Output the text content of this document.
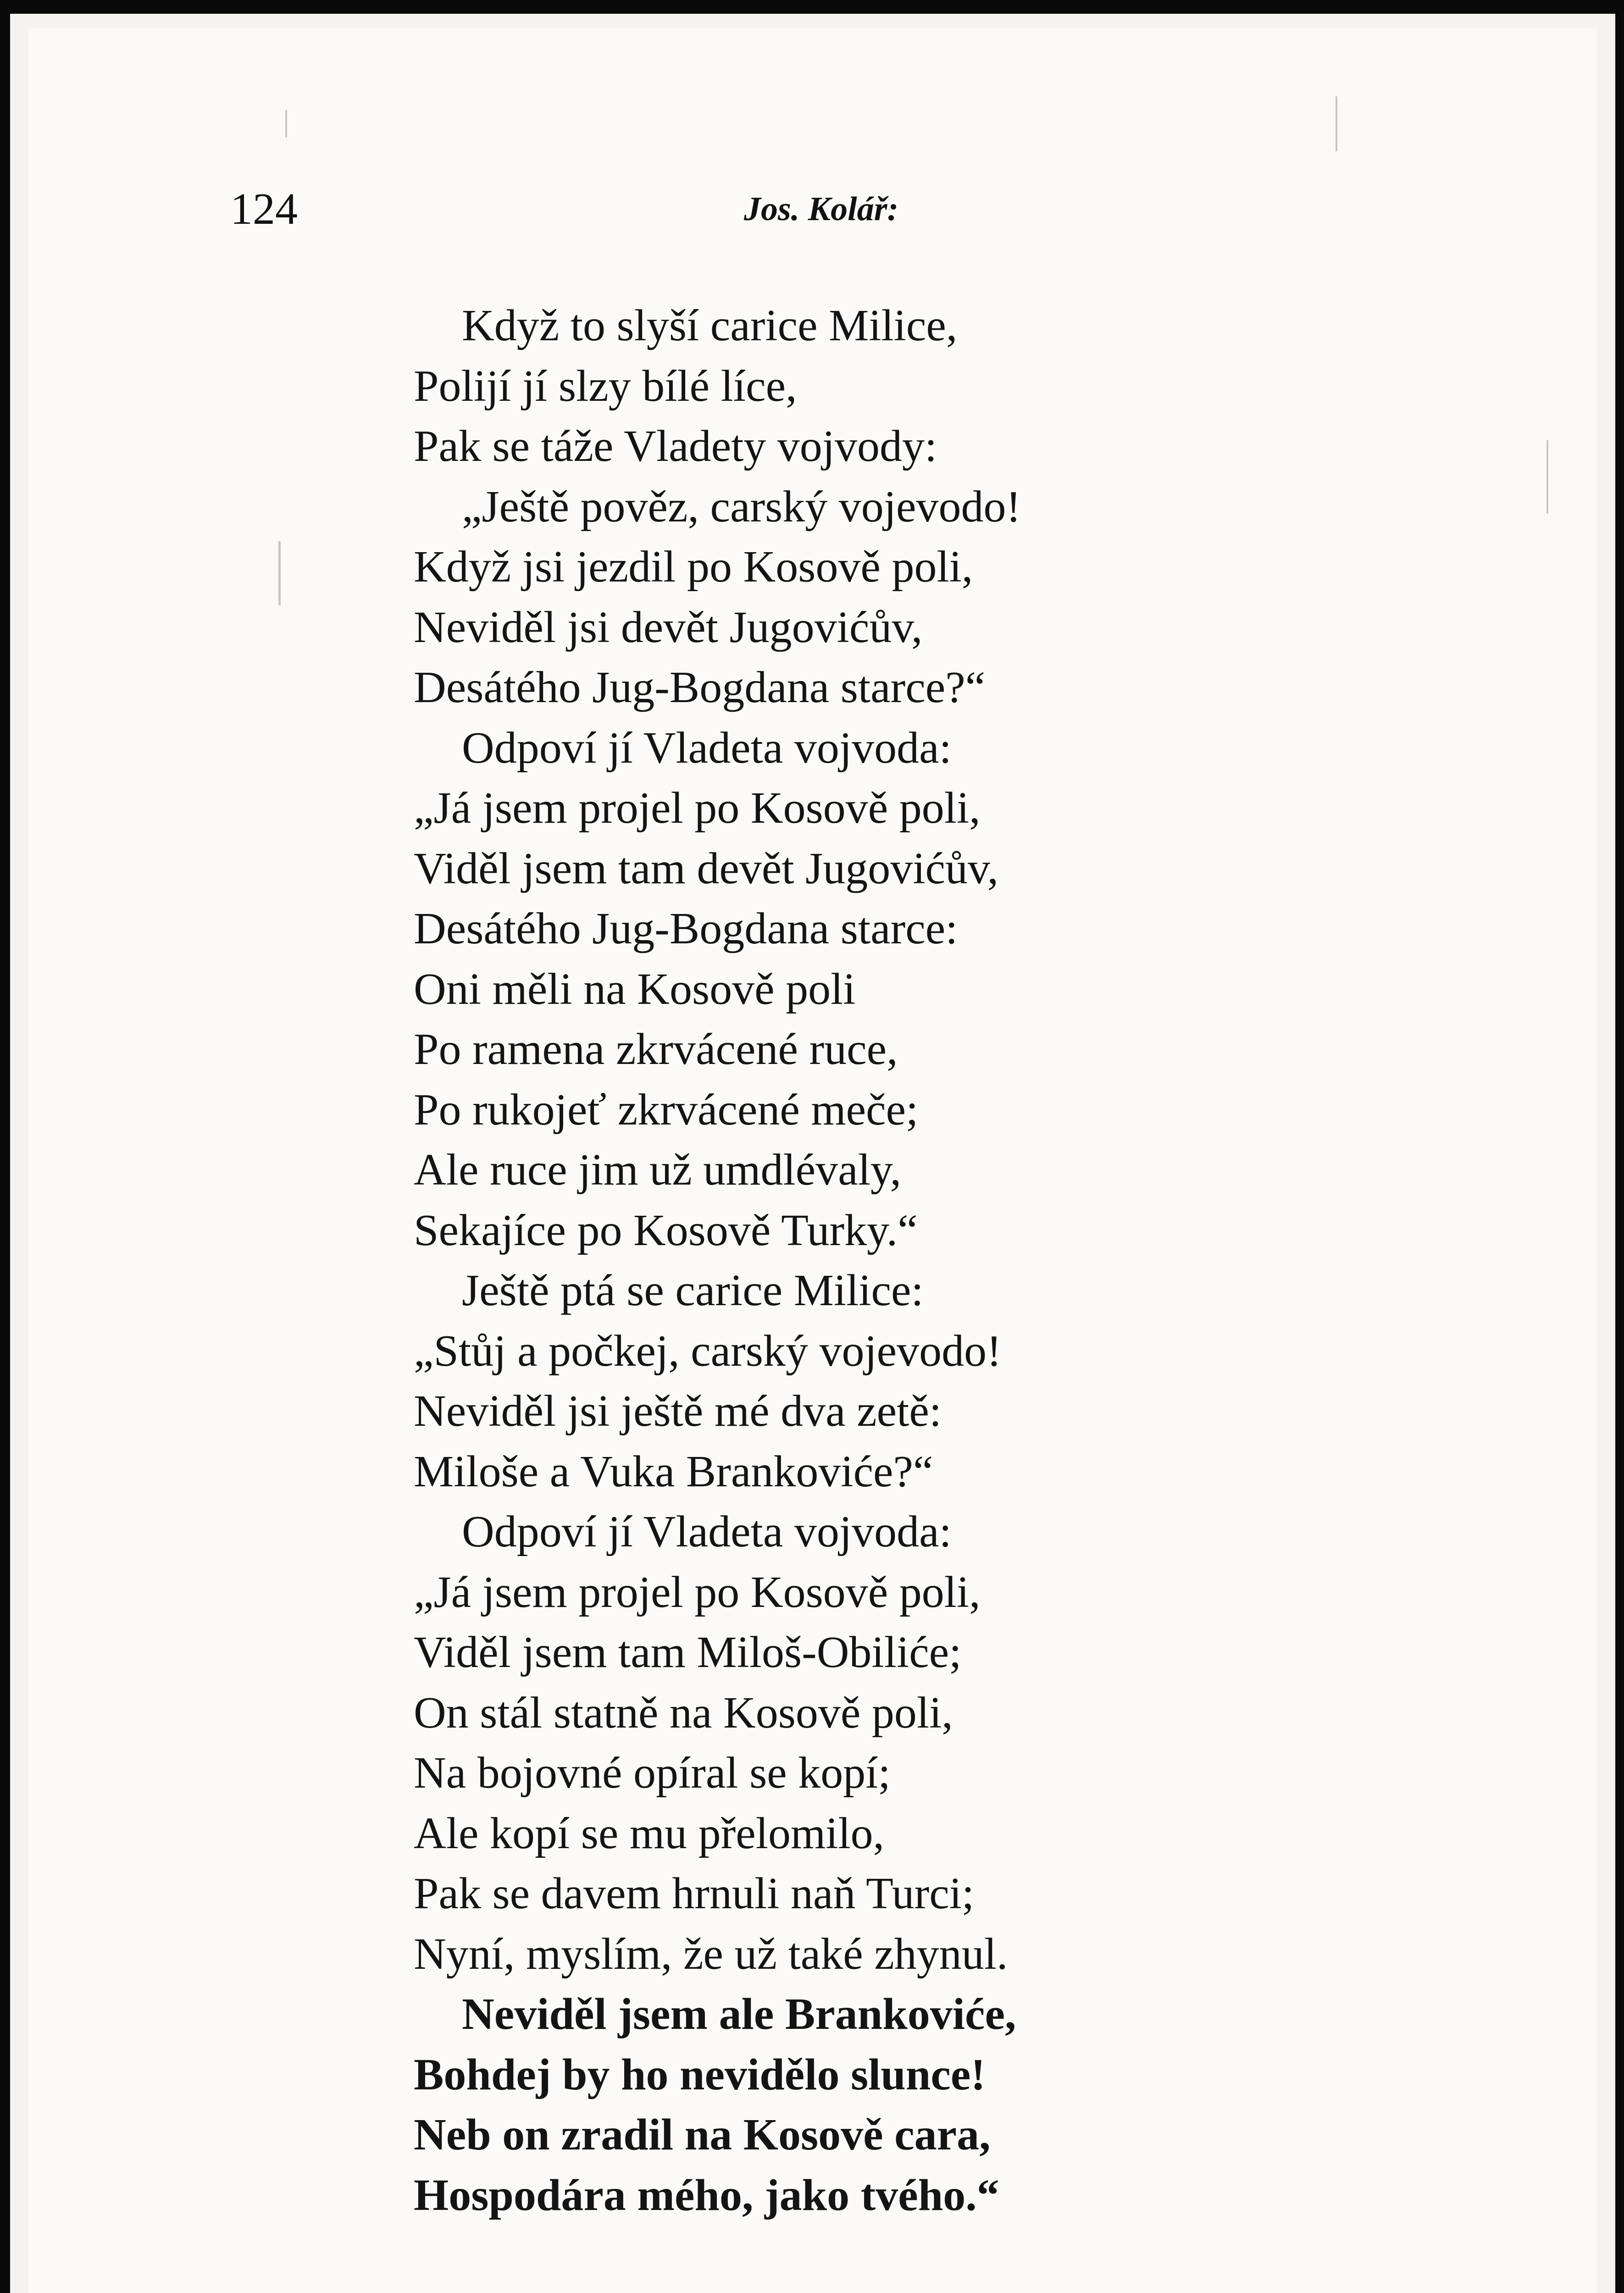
124	Jos. Kolář:
Když to slyší carice Milice,
Polijí jí slzy bílé líce,
Pak se táže Vladety vojvody:
„Ještě pověz, carský vojevodo!
Když jsi jezdil po Kosově poli,
Neviděl jsi devět Jugovićův,
Desátého Jug-Bogdana starce?“
Odpoví jí Vladeta vojvoda:
„Já jsem projel po Kosově poli,
Viděl jsem tam devět Jugovićův,
Desátého Jug-Bogdana starce:
Oni měli na Kosově poli
Po ramena zkrvácené ruce,
Po rukojeť zkrvácené meče;
Ale ruce jim už umdlévaly,
Sekajíce po Kosově Turky.“
Ještě ptá se carice Milice:
„Stůj a počkej, carský vojevodo!
Neviděl jsi ještě mé dva zetě:
Miloše a Vuka Brankoviće?“
Odpoví jí Vladeta vojvoda:
„Já jsem projel po Kosově poli,
Viděl jsem tam Miloš-Obiliće;
On stál statně na Kosově poli,
Na bojovné opíral se kopí;
Ale kopí se mu přelomilo,
Pak se davem hrnuli naň Turci;
Nyní, myslím, že už také zhynul.
Neviděl jsem ale Brankoviće,
Bohdej by ho nevidělo slunce!
Neb on zradil na Kosově cara,
Hospodára mého, jako tvého.“
